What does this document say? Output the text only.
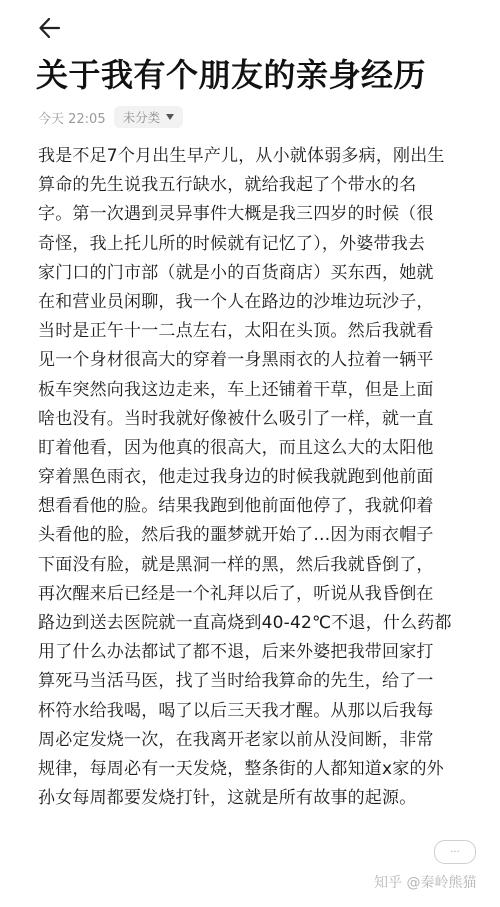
关于我有个朋友的亲身经历
今天 22:05 未分类
我是不足7个月出生早产儿，从小就体弱多病，刚出生
算命的先生说我五行缺水，就给我起了个带水的名
字。第一次遇到灵异事件大概是我三四岁的时候（很
奇怪，我上托儿所的时候就有记忆了），外婆带我去
家门口的门市部（就是小的百货商店）买东西，她就
在和营业员闲聊，我一个人在路边的沙堆边玩沙子，
当时是正午十一二点左右，太阳在头顶。然后我就看
见一个身材很高大的穿着一身黑雨衣的人拉着一辆平
板车突然向我这边走来，车上还铺着干草，但是上面
啥也没有。当时我就好像被什么吸引了一样，就一直
盯着他看，因为他真的很高大，而且这么大的太阳他
穿着黑色雨衣，他走过我身边的时候我就跑到他前面
想看看他的脸。结果我跑到他前面他停了，我就仰着
头看他的脸，然后我的噩梦就开始了…因为雨衣帽子
下面没有脸，就是黑洞一样的黑，然后我就昏倒了，
再次醒来后已经是一个礼拜以后了，听说从我昏倒在
路边到送去医院就一直高烧到40-42℃不退，什么药都
用了什么办法都试了都不退，后来外婆把我带回家打
算死马当活马医，找了当时给我算命的先生，给了一
杯符水给我喝，喝了以后三天我才醒。从那以后我每
周必定发烧一次，在我离开老家以前从没间断，非常
规律，每周必有一天发烧，整条街的人都知道x家的外
孙女每周都要发烧打针，这就是所有故事的起源。
···
知乎 @秦岭熊猫
